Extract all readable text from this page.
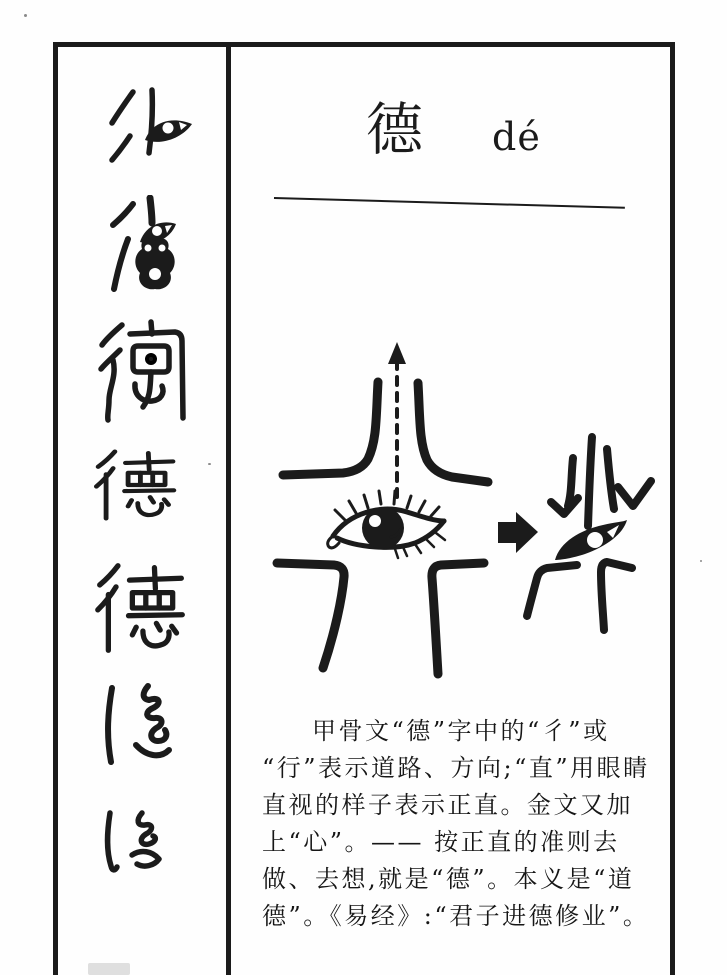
德 dé
甲骨文“德”字中的“彳”或
“行”表示道路、方向;“直”用眼睛
直视的样子表示正直。金文又加
上“心”。—— 按正直的准则去
做、去想,就是“德”。本义是“道
德”。《易经》:“君子进德修业”。
